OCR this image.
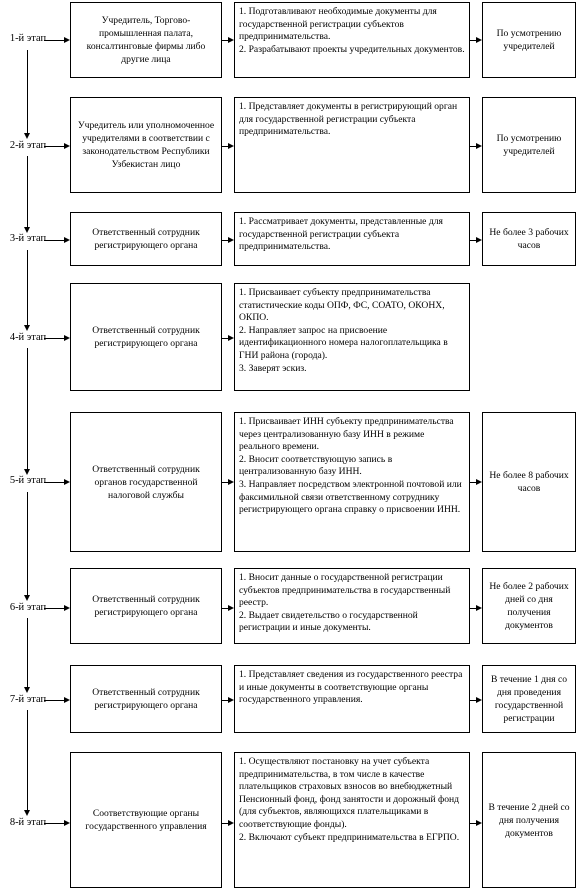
1-й этап
Учредитель, Торгово-промышленная палата, консалтинговые фирмы либо другие лица
1. Подготавливают необходимые документы для государственной регистрации субъектов предпринимательства.
2. Разрабатывают проекты учредительных документов.
По усмотрению учредителей
2-й этап
Учредитель или уполномоченное учредителями в соответствии с законодательством Республики Узбекистан лицо
1. Представляет документы в регистрирующий орган для государственной регистрации субъекта предпринимательства.
По усмотрению учредителей
3-й этап
Ответственный сотрудник регистрирующего органа
1. Рассматривает документы, представленные для государственной регистрации субъекта предпринимательства.
Не более 3 рабочих часов
4-й этап
Ответственный сотрудник регистрирующего органа
1. Присваивает субъекту предпринимательства статистические коды ОПФ, ФС, СОАТО, ОКОНХ, ОКПО.
2. Направляет запрос на присвоение идентификационного номера налогоплательщика в ГНИ района (города).
3. Заверят эскиз.
5-й этап
Ответственный сотрудник органов государственной налоговой службы
1. Присваивает ИНН субъекту предпринимательства через централизованную базу ИНН в режиме реального времени.
2. Вносит соответствующую запись в централизованную базу ИНН.
3. Направляет посредством электронной почтовой или факсимильной связи ответственному сотруднику регистрирующего органа справку о присвоении ИНН.
Не более 8 рабочих часов
6-й этап
Ответственный сотрудник регистрирующего органа
1. Вносит данные о государственной регистрации субъектов предпринимательства в государственный реестр.
2. Выдает свидетельство о государственной регистрации и иные документы.
Не более 2 рабочих дней со дня получения документов
7-й этап
Ответственный сотрудник регистрирующего органа
1. Представляет сведения из государственного реестра и иные документы в соответствующие органы государственного управления.
В течение 1 дня со дня проведения государственной регистрации
8-й этап
Соответствующие органы государственного управления
1. Осуществляют постановку на учет субъекта предпринимательства, в том числе в качестве плательщиков страховых взносов во внебюджетный Пенсионный фонд, фонд занятости и дорожный фонд (для субъектов, являющихся плательщиками в соответствующие фонды).
2. Включают субъект предпринимательства в ЕГРПО.
В течение 2 дней со дня получения документов
